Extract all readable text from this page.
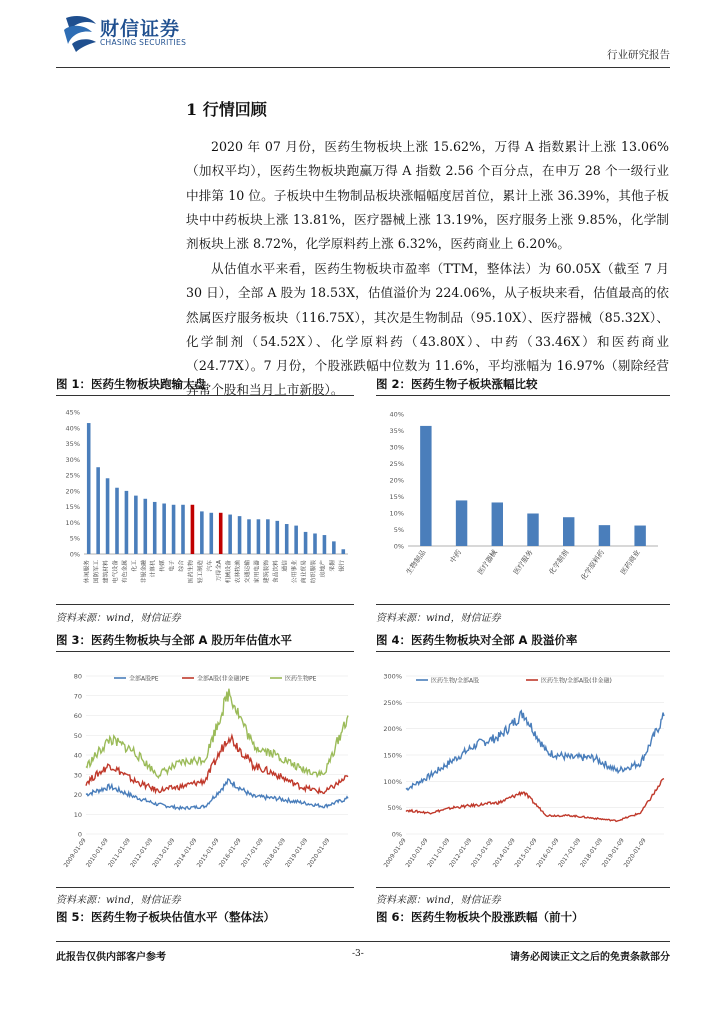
财信证券
CHASING SECURITIES
行业研究报告
1 行情回顾
2020 年 07 月份，医药生物板块上涨 15.62%，万得 A 指数累计上涨 13.06%（加权平均），医药生物板块跑赢万得 A 指数 2.56 个百分点，在申万 28 个一级行业中排第 10 位。子板块中生物制品板块涨幅幅度居首位，累计上涨 36.39%，其他子板块中中药板块上涨 13.81%，医疗器械上涨 13.19%，医疗服务上涨 9.85%，化学制剂板块上涨 8.72%，化学原料药上涨 6.32%，医药商业上 6.20%。
从估值水平来看，医药生物板块市盈率（TTM，整体法）为 60.05X（截至 7 月 30 日），全部 A 股为 18.53X，估值溢价为 224.06%，从子板块来看，估值最高的依然属医疗服务板块（116.75X），其次是生物制品（95.10X）、医疗器械（85.32X）、化学制剂（54.52X）、化学原料药（43.80X）、中药（33.46X）和医药商业（24.77X）。7 月份，个股涨跌幅中位数为 11.6%，平均涨幅为 16.97%（剔除经营异常个股和当月上市新股）。
图 1：医药生物板块跑输大盘	图 2：医药生物子板块涨幅比较
0%
5%
10%
15%
20%
25%
30%
35%
40%
45%
休闲服务 国防军工 建筑材料 电气设备 有色金属 化工 非银金融 计算机 传媒 电子 综合 医药生物 轻工制造 汽车 万得全A 机械设备 农林牧渔 交通运输 家用电器 建筑装饰 食品饮料 通信 公用事业 商业贸易 纺织服装 房地产 采掘 银行
0%
5%
10%
15%
20%
25%
30%
35%
40%
生物制品	中药 医疗器械 医疗服务 化学制剂 化学原料药 医药商业
资料来源：wind，财信证券	资料来源：wind，财信证券
图 3：医药生物板块与全部 A 股历年估值水平	图 4：医药生物板块对全部 A 股溢价率
0
10
20
30
40
50
60
70
80
2009-01-09
2010-01-09
2011-01-09
2012-01-09
2013-01-09
2014-01-09
2015-01-09
2016-01-09
2017-01-09
2018-01-09
2019-01-09
2020-01-09
全部A股PE	全部A股(非金融)PE	医药生物PE
0%
50%
100%
150%
200%
250%
300%
2009-01-09
2010-01-09
2011-01-09
2012-01-09
2013-01-09
2014-01-09
2015-01-09
2016-01-09
2017-01-09
2018-01-09
2019-01-09
2020-01-09
医药生物/全部A股	医药生物/全部A股(非金融)
资料来源：wind，财信证券	资料来源：wind，财信证券
图 5：医药生物子板块估值水平（整体法）	图 6：医药生物板块个股涨跌幅（前十）
此报告仅供内部客户参考	-3-	请务必阅读正文之后的免责条款部分
